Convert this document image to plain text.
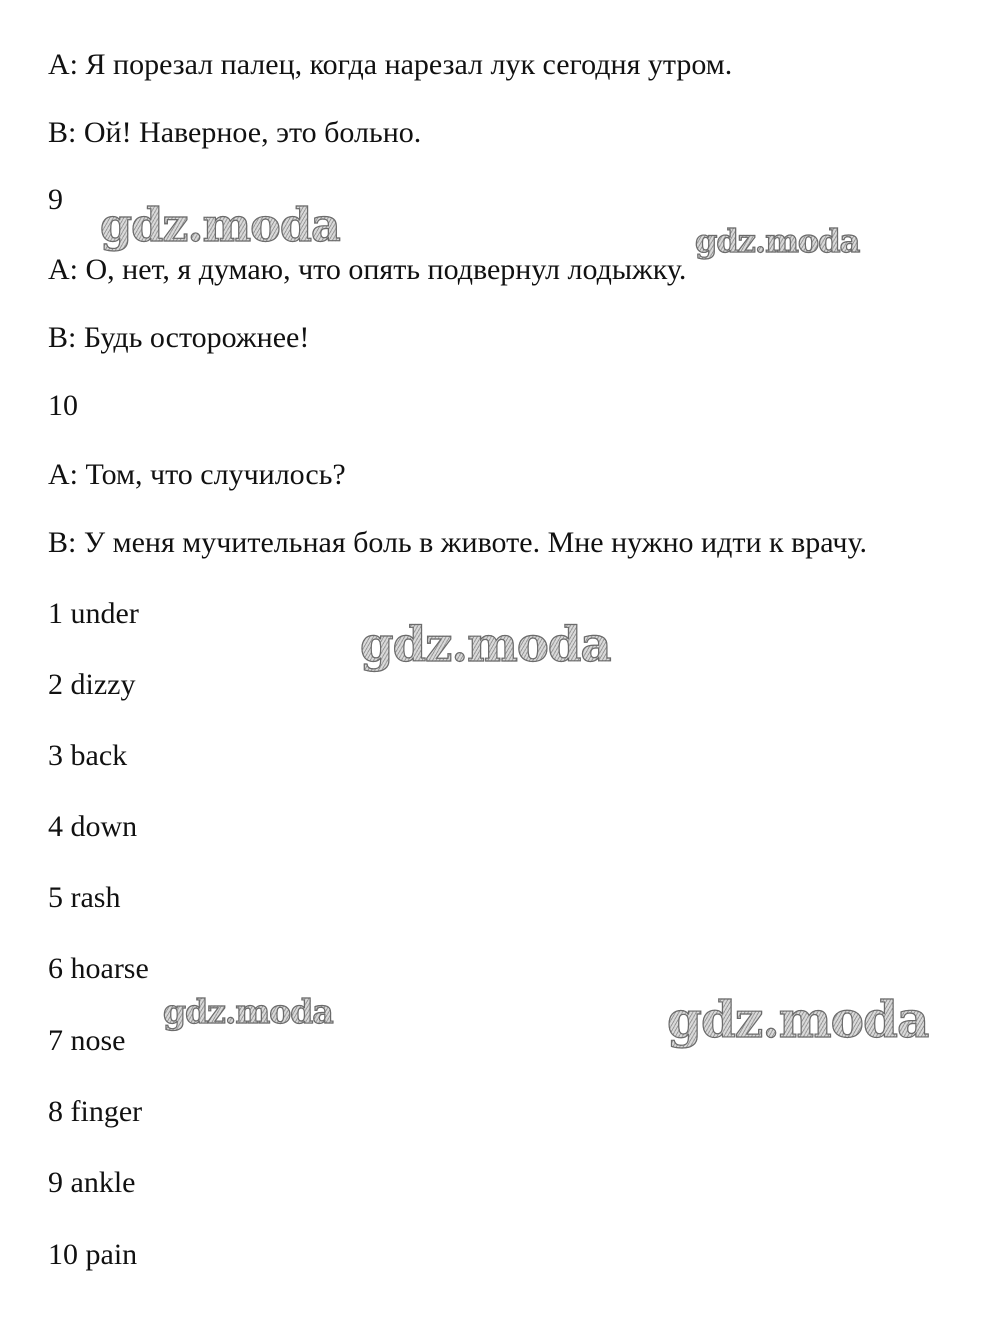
A: Я порезал палец, когда нарезал лук сегодня утром.
B: Ой! Наверное, это больно.
9
A: О, нет, я думаю, что опять подвернул лодыжку.
B: Будь осторожнее!
10
A: Том, что случилось?
B: У меня мучительная боль в животе. Мне нужно идти к врачу.
1 under
2 dizzy
3 back
4 down
5 rash
6 hoarse
7 nose
8 finger
9 ankle
10 pain
gdz.moda	gdz.moda
gdz.moda
gdz.moda	gdz.moda
